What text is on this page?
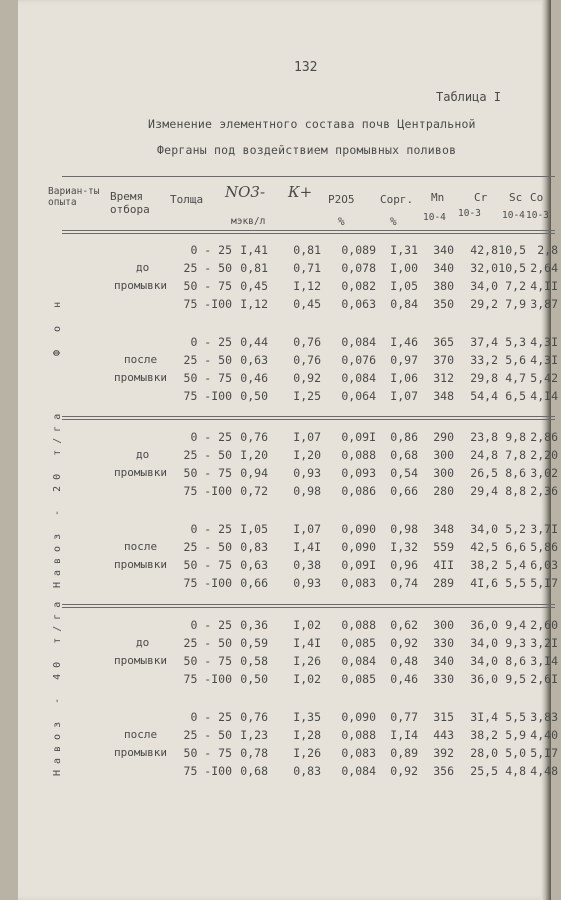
132
Таблица I
Изменение элементного состава почв Центральной
Ферганы под воздействием промывных поливов
Вариан-ты опыта	Время отбора
Толща NО3-
мэкв/л
К+ P2O5
%
Сорг.
%
Mn
10-4
Cr
10-3
Sc
10-4
Co
10-3
Ф о н
до
промывки
0 - 25 I,41	0,81	0,089	I,31	340	42,8 10,5 2,8
25 - 50 0,81	0,71	0,078	I,00	340	32,0 10,5 2,64
50 - 75 0,45	I,12	0,082	I,05	380	34,0 7,2 4,II
75 -I00 I,12	0,45	0,063	0,84	350	29,2 7,9 3,87
после
промывки
0 - 25 0,44	0,76	0,084	I,46	365	37,4 5,3 4,3I
25 - 50 0,63	0,76	0,076	0,97	370	33,2 5,6 4,3I
50 - 75 0,46	0,92	0,084	I,06	312	29,8 4,7 5,42
75 -I00 0,50	I,25	0,064	I,07	348	54,4 6,5 4,I4
Навоз - 20 т/га	до
промывки
0 - 25 0,76	I,07	0,09I	0,86	290	23,8 9,8 2,86
25 - 50 I,20	I,20	0,088	0,68	300	24,8 7,8 2,20
50 - 75 0,94	0,93	0,093	0,54	300	26,5 8,6 3,02
75 -I00 0,72	0,98	0,086	0,66	280	29,4 8,8 2,36
после
промывки
0 - 25 I,05	I,07	0,090	0,98	348	34,0 5,2 3,7I
25 - 50 0,83	I,4I	0,090	I,32	559	42,5 6,6 5,86
50 - 75 0,63	0,38	0,09I	0,96	4II	38,2 5,4 6,03
75 -I00 0,66	0,93	0,083	0,74	289	4I,6 5,5 5,I7
Навоз - 40 т/га	до
промывки
0 - 25 0,36	I,02	0,088	0,62	300	36,0 9,4 2,60
25 - 50 0,59	I,4I	0,085	0,92	330	34,0 9,3 3,2I
50 - 75 0,58	I,26	0,084	0,48	340	34,0 8,6 3,I4
75 -I00 0,50	I,02	0,085	0,46	330	36,0 9,5 2,6I
после
промывки
0 - 25 0,76	I,35	0,090	0,77	315	3I,4 5,5 3,83
25 - 50 I,23	I,28	0,088	I,I4	443	38,2 5,9 4,40
50 - 75 0,78	I,26	0,083	0,89	392	28,0 5,0 5,I7
75 -I00 0,68	0,83	0,084	0,92	356	25,5 4,8 4,48
